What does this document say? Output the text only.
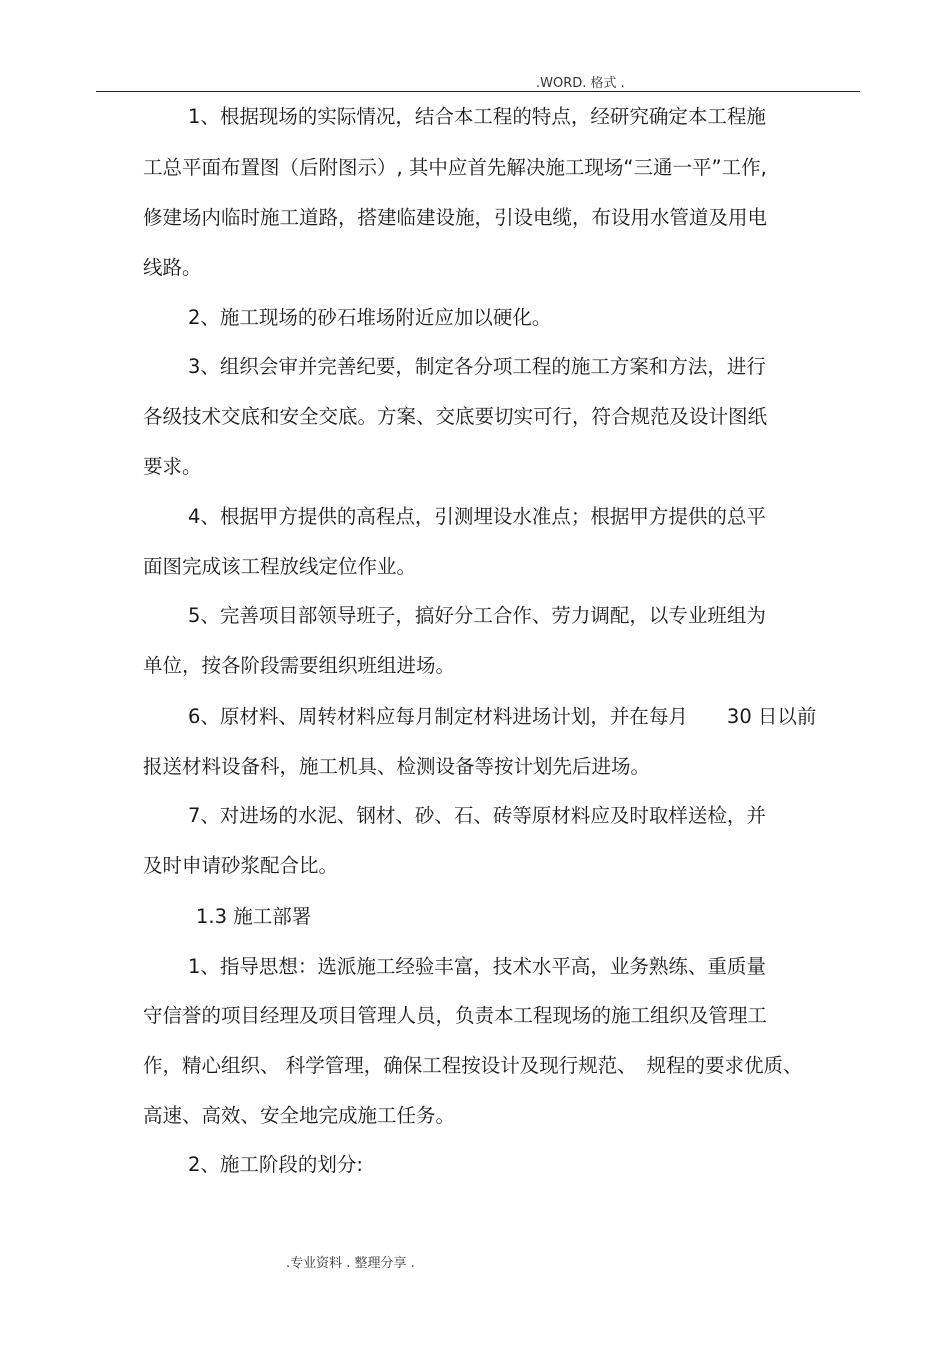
.WORD. 格式 .
1、根据现场的实际情况，结合本工程的特点，经研究确定本工程施
工总平面布置图（后附图示）, 其中应首先解决施工现场“三通一平”工作,
修建场内临时施工道路，搭建临建设施，引设电缆，布设用水管道及用电
线路。
2、施工现场的砂石堆场附近应加以硬化。
3、组织会审并完善纪要，制定各分项工程的施工方案和方法，进行
各级技术交底和安全交底。方案、交底要切实可行，符合规范及设计图纸
要求。
4、根据甲方提供的高程点，引测埋设水准点；根据甲方提供的总平
面图完成该工程放线定位作业。
5、完善项目部领导班子，搞好分工合作、劳力调配，以专业班组为
单位，按各阶段需要组织班组进场。
6、原材料、周转材料应每月制定材料进场计划，并在每月　　30 日以前
报送材料设备科，施工机具、检测设备等按计划先后进场。
7、对进场的水泥、钢材、砂、石、砖等原材料应及时取样送检，并
及时申请砂浆配合比。
1.3 施工部署
1、指导思想：选派施工经验丰富，技术水平高，业务熟练、重质量
守信誉的项目经理及项目管理人员，负责本工程现场的施工组织及管理工
作，精心组织、 科学管理，确保工程按设计及现行规范、　规程的要求优质、
高速、高效、安全地完成施工任务。
2、施工阶段的划分:
.专业资料 . 整理分享 .
